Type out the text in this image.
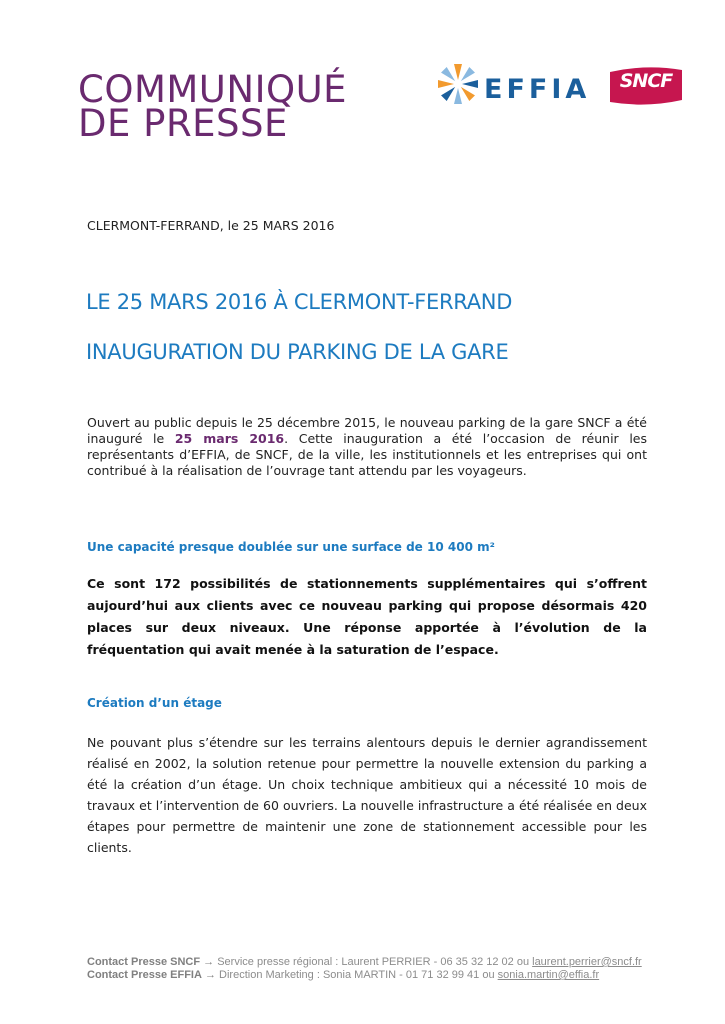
COMMUNIQUÉ
DE PRESSE
EFFIA	SNCF
CLERMONT-FERRAND, le 25 MARS 2016
LE 25 MARS 2016 À CLERMONT-FERRAND
INAUGURATION DU PARKING DE LA GARE
Ouvert au public depuis le 25 décembre 2015, le nouveau parking de la gare SNCF a été inauguré le 25 mars 2016. Cette inauguration a été l’occasion de réunir les représentants d’EFFIA, de SNCF, de la ville, les institutionnels et les entreprises qui ont contribué à la réalisation de l’ouvrage tant attendu par les voyageurs.
Une capacité presque doublée sur une surface de 10 400 m²
Ce sont 172 possibilités de stationnements supplémentaires qui s’offrent aujourd’hui aux clients avec ce nouveau parking qui propose désormais 420 places sur deux niveaux. Une réponse apportée à l’évolution de la fréquentation qui avait menée à la saturation de l’espace.
Création d’un étage
Ne pouvant plus s’étendre sur les terrains alentours depuis le dernier agrandissement réalisé en 2002, la solution retenue pour permettre la nouvelle extension du parking a été la création d’un étage. Un choix technique ambitieux qui a nécessité 10 mois de travaux et l’intervention de 60 ouvriers. La nouvelle infrastructure a été réalisée en deux étapes pour permettre de maintenir une zone de stationnement accessible pour les clients.
Contact Presse SNCF → Service presse régional : Laurent PERRIER - 06 35 32 12 02 ou laurent.perrier@sncf.fr
Contact Presse EFFIA → Direction Marketing : Sonia MARTIN - 01 71 32 99 41 ou sonia.martin@effia.fr
